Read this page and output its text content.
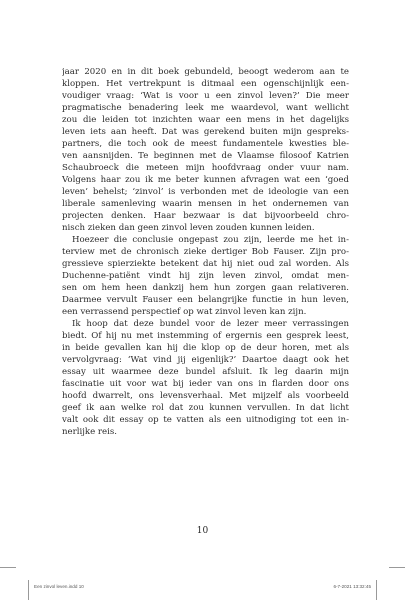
jaar 2020 en in dit boek gebundeld, beoogt wederom aan te
kloppen. Het vertrekpunt is ditmaal een ogenschijnlijk een-
voudiger vraag: ‘Wat is voor u een zinvol leven?’ Die meer
pragmatische benadering leek me waardevol, want wellicht
zou die leiden tot inzichten waar een mens in het dagelijks
leven iets aan heeft. Dat was gerekend buiten mijn gespreks-
partners, die toch ook de meest fundamentele kwesties ble-
ven aansnijden. Te beginnen met de Vlaamse filosoof Katrien
Schaubroeck die meteen mijn hoofdvraag onder vuur nam.
Volgens haar zou ik me beter kunnen afvragen wat een ‘goed
leven’ behelst; ‘zinvol’ is verbonden met de ideologie van een
liberale samenleving waarin mensen in het ondernemen van
projecten denken. Haar bezwaar is dat bijvoorbeeld chro-
nisch zieken dan geen zinvol leven zouden kunnen leiden.
Hoezeer die conclusie ongepast zou zijn, leerde me het in-
terview met de chronisch zieke dertiger Bob Fauser. Zijn pro-
gressieve spierziekte betekent dat hij niet oud zal worden. Als
Duchenne-patiënt vindt hij zijn leven zinvol, omdat men-
sen om hem heen dankzij hem hun zorgen gaan relativeren.
Daarmee vervult Fauser een belangrijke functie in hun leven,
een verrassend perspectief op wat zinvol leven kan zijn.
Ik hoop dat deze bundel voor de lezer meer verrassingen
biedt. Of hij nu met instemming of ergernis een gesprek leest,
in beide gevallen kan hij die klop op de deur horen, met als
vervolgvraag: ‘Wat vind jij eigenlijk?’ Daartoe daagt ook het
essay uit waarmee deze bundel afsluit. Ik leg daarin mijn
fascinatie uit voor wat bij ieder van ons in flarden door ons
hoofd dwarrelt, ons levensverhaal. Met mijzelf als voorbeeld
geef ik aan welke rol dat zou kunnen vervullen. In dat licht
valt ook dit essay op te vatten als een uitnodiging tot een in-
nerlijke reis.
10
Een zinvol leven.indd 10	6-7-2021 13:32:45
